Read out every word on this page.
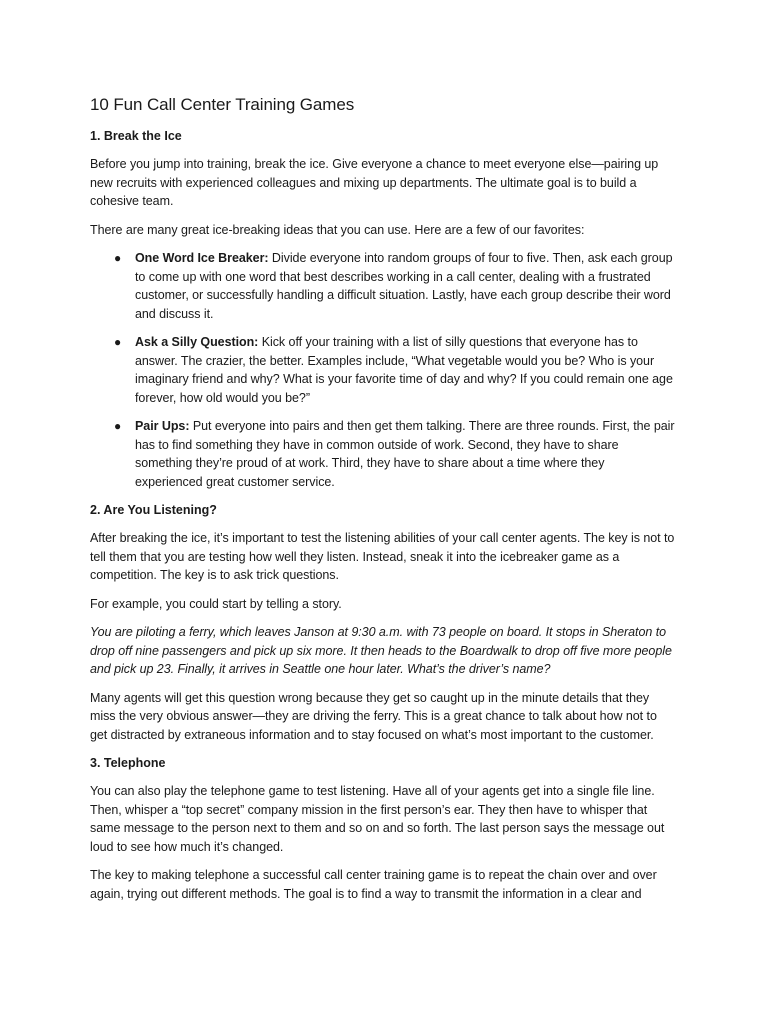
10 Fun Call Center Training Games
1. Break the Ice

Before you jump into training, break the ice. Give everyone a chance to meet everyone else—pairing up new recruits with experienced colleagues and mixing up departments. The ultimate goal is to build a cohesive team.

There are many great ice-breaking ideas that you can use. Here are a few of our favorites:

● One Word Ice Breaker: Divide everyone into random groups of four to five. Then, ask each group to come up with one word that best describes working in a call center, dealing with a frustrated customer, or successfully handling a difficult situation. Lastly, have each group describe their word and discuss it.
● Ask a Silly Question: Kick off your training with a list of silly questions that everyone has to answer. The crazier, the better. Examples include, “What vegetable would you be? Who is your imaginary friend and why? What is your favorite time of day and why? If you could remain one age forever, how old would you be?”
● Pair Ups: Put everyone into pairs and then get them talking. There are three rounds. First, the pair has to find something they have in common outside of work. Second, they have to share something they’re proud of at work. Third, they have to share about a time where they experienced great customer service.
2. Are You Listening?

After breaking the ice, it’s important to test the listening abilities of your call center agents. The key is not to tell them that you are testing how well they listen. Instead, sneak it into the icebreaker game as a competition. The key is to ask trick questions.

For example, you could start by telling a story.

You are piloting a ferry, which leaves Janson at 9:30 a.m. with 73 people on board. It stops in Sheraton to drop off nine passengers and pick up six more. It then heads to the Boardwalk to drop off five more people and pick up 23. Finally, it arrives in Seattle one hour later. What’s the driver’s name?

Many agents will get this question wrong because they get so caught up in the minute details that they miss the very obvious answer—they are driving the ferry. This is a great chance to talk about how not to get distracted by extraneous information and to stay focused on what’s most important to the customer.

3. Telephone

You can also play the telephone game to test listening. Have all of your agents get into a single file line. Then, whisper a “top secret” company mission in the first person’s ear. They then have to whisper that same message to the person next to them and so on and so forth. The last person says the message out loud to see how much it’s changed.

The key to making telephone a successful call center training game is to repeat the chain over and over again, trying out different methods. The goal is to find a way to transmit the information in a clear and
